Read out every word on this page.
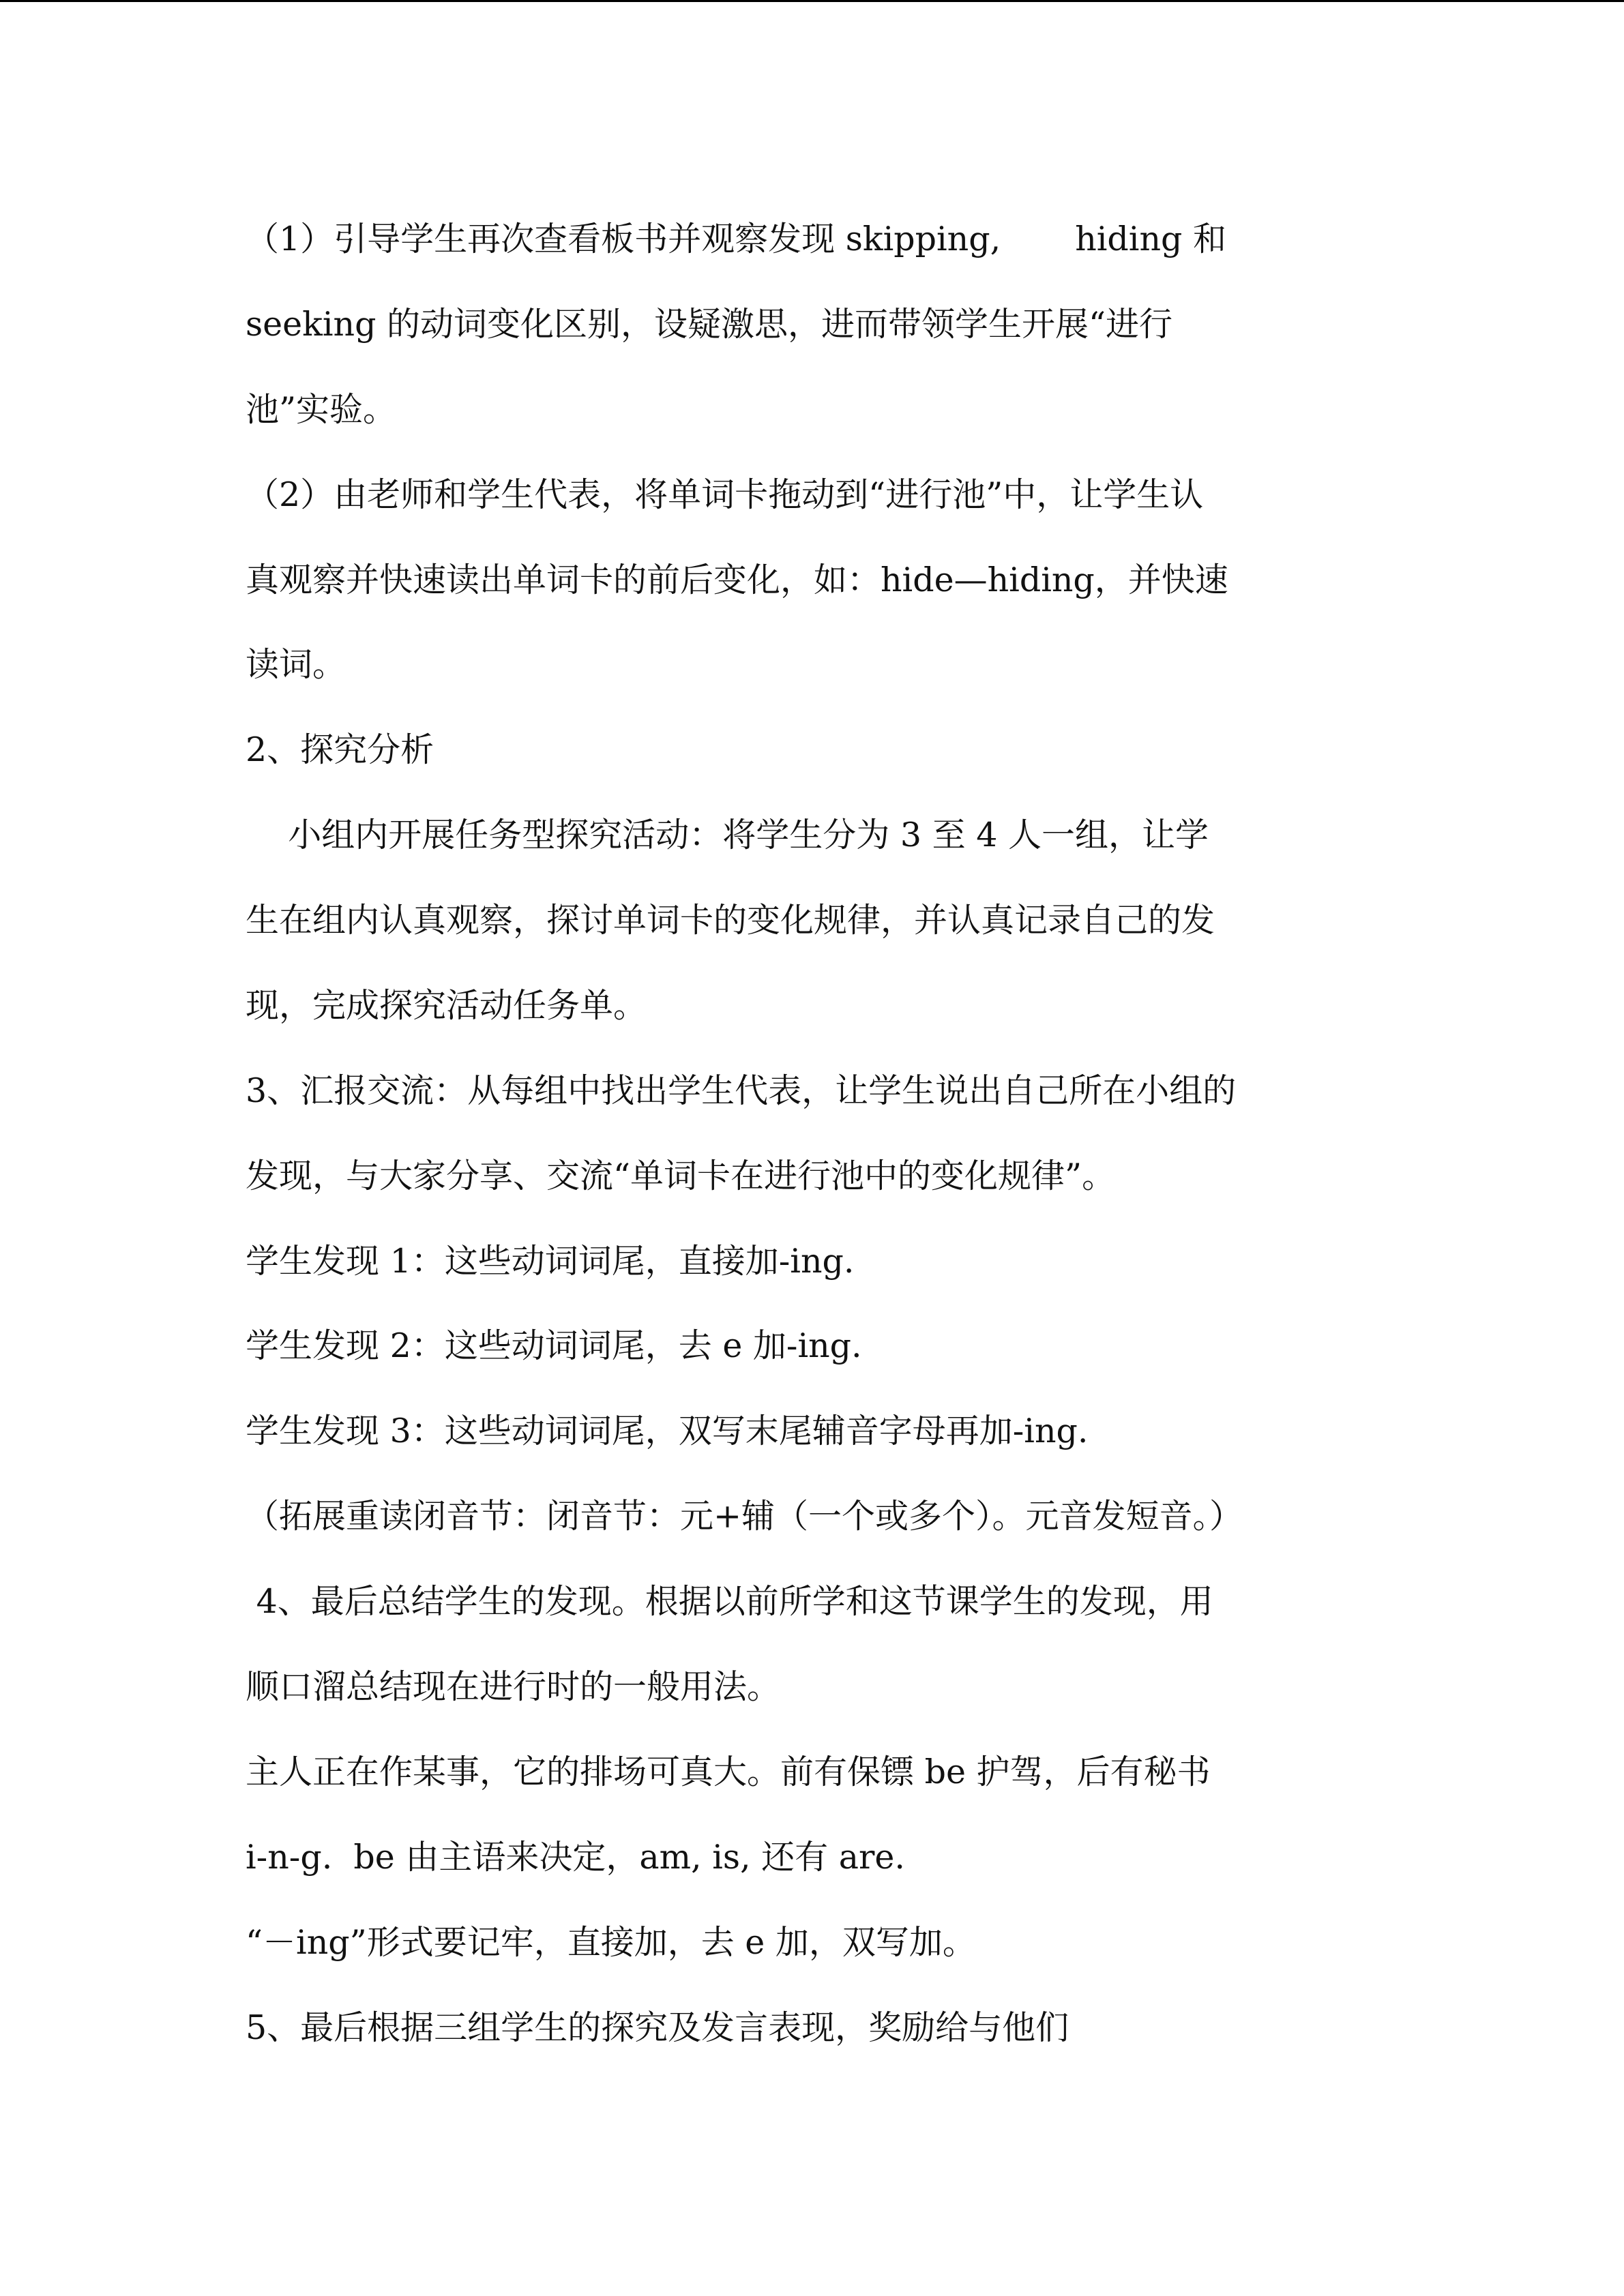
（1）引导学生再次查看板书并观察发现 skipping,       hiding 和

seeking 的动词变化区别，设疑激思，进而带领学生开展“进行

池”实验。

（2）由老师和学生代表，将单词卡拖动到“进行池”中，让学生认

真观察并快速读出单词卡的前后变化，如：hide—hiding，并快速

读词。

2、探究分析

小组内开展任务型探究活动：将学生分为 3 至 4 人一组，让学

生在组内认真观察，探讨单词卡的变化规律，并认真记录自己的发

现，完成探究活动任务单。

3、汇报交流：从每组中找出学生代表，让学生说出自己所在小组的

发现，与大家分享、交流“单词卡在进行池中的变化规律”。

学生发现 1：这些动词词尾，直接加-ing.

学生发现 2：这些动词词尾，去 e 加-ing.

学生发现 3：这些动词词尾，双写末尾辅音字母再加-ing.

（拓展重读闭音节：闭音节：元+辅（一个或多个）。元音发短音。）

4、最后总结学生的发现。根据以前所学和这节课学生的发现，用

顺口溜总结现在进行时的一般用法。

主人正在作某事，它的排场可真大。前有保镖 be 护驾，后有秘书

i-n-g.  be 由主语来决定，am, is, 还有 are.

“－ing”形式要记牢，直接加，去 e 加，双写加。

5、最后根据三组学生的探究及发言表现，奖励给与他们
